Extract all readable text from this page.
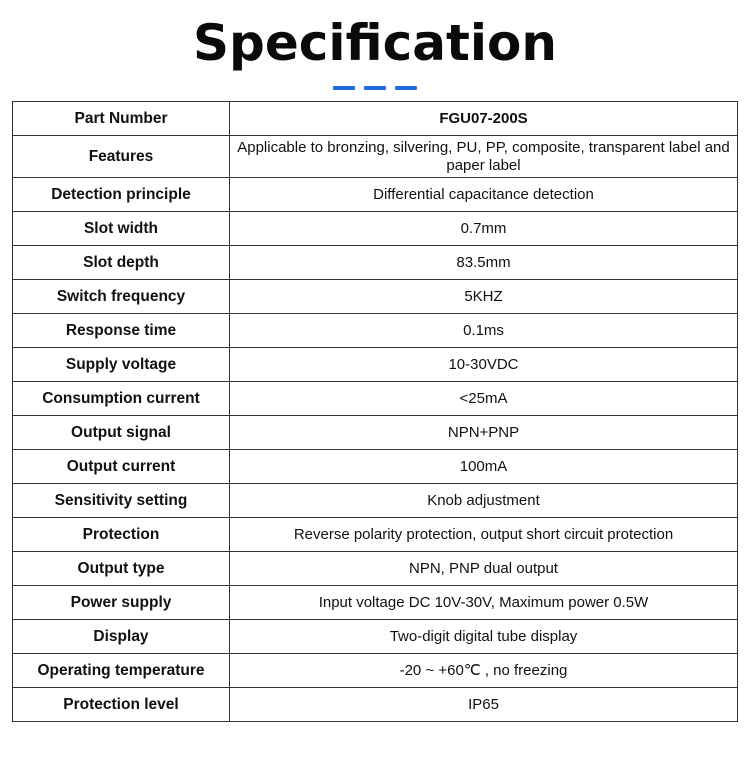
Specification
Part Number	FGU07-200S
Features	Applicable to bronzing, silvering, PU, PP, composite, transparent label and paper label
Detection principle	Differential capacitance detection
Slot width	0.7mm
Slot depth	83.5mm
Switch frequency	5KHZ
Response time	0.1ms
Supply voltage	10-30VDC
Consumption current	<25mA
Output signal	NPN+PNP
Output current	100mA
Sensitivity setting	Knob adjustment
Protection	Reverse polarity protection, output short circuit protection
Output type	NPN, PNP dual output
Power supply	Input voltage DC 10V-30V, Maximum power 0.5W
Display	Two-digit digital tube display
Operating temperature	-20 ~ +60℃ , no freezing
Protection level	IP65
